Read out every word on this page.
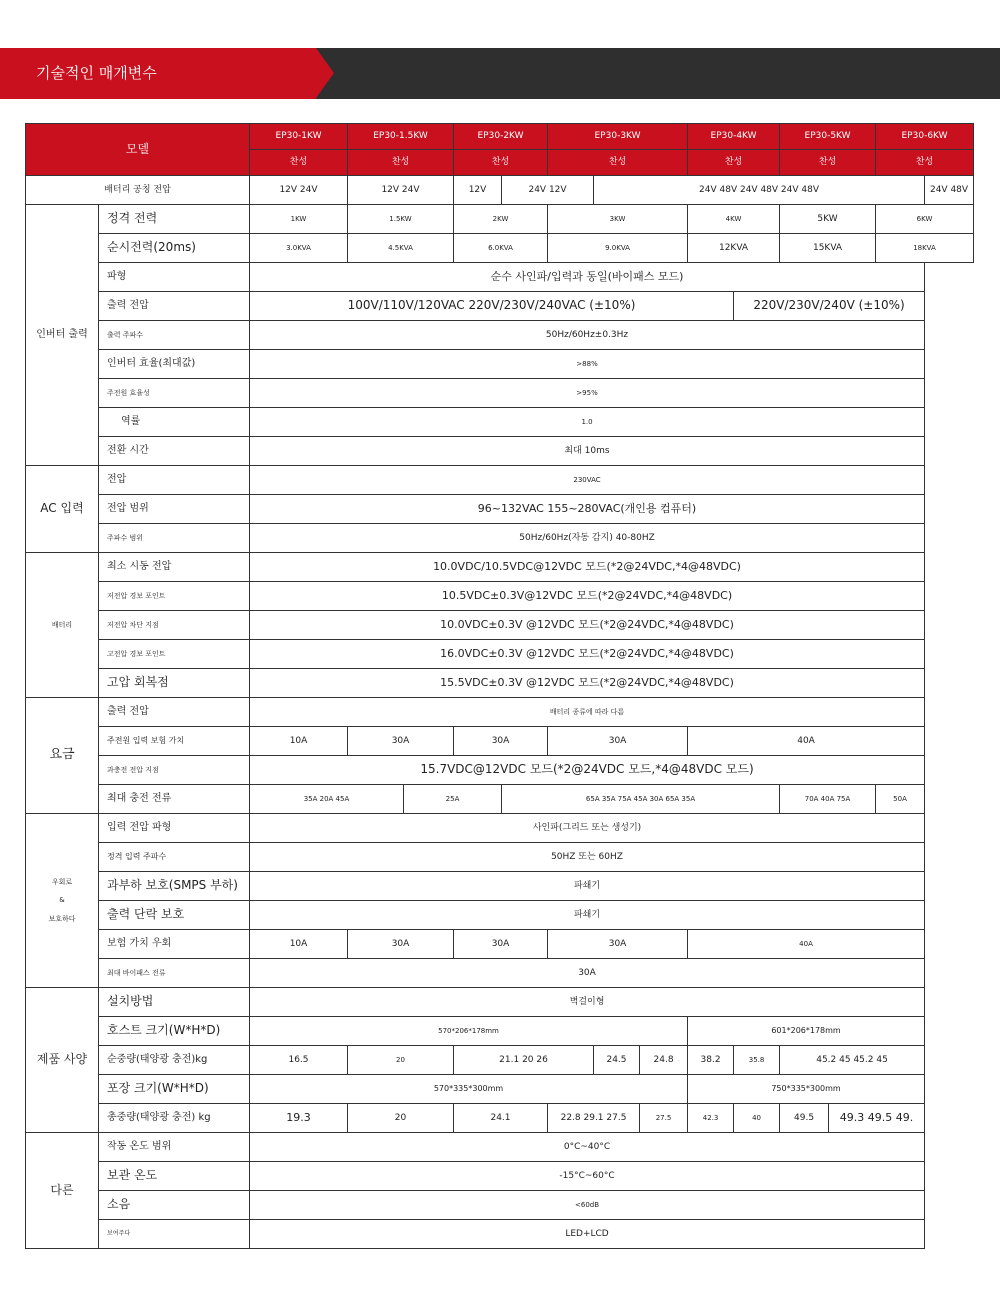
기술적인 매개변수
모델		EP30-1KW	EP30-1.5KW		EP30-2KW		EP30-3KW			EP30-4KW		EP30-5KW		EP30-6KW	
		찬성	찬성		찬성		찬성			찬성		찬성		찬성	
배터리 공칭 전압		12V 24V	12V 24V		12V	24V 12V		24V 48V 24V 48V 24V 48V							24V 48V
인버터 출력	정격 전력	1KW	1.5KW		2KW		3KW			4KW		5KW		6KW	
	순시전력(20ms)	3.0KVA	4.5KVA		6.0KVA		9.0KVA			12KVA		15KVA		18KVA	
	파형	순수 사인파/입력과 동일(바이패스 모드)													
	출력 전압	100V/110V/120VAC 220V/230V/240VAC (±10%)									220V/230V/240V (±10%)				
	출력 주파수	50Hz/60Hz±0.3Hz													
	인버터 효율(최대값)	>88%													
	주전원 효율성	>95%													
	역률	1.0													
	전환 시간	최대 10ms													
AC 입력	전압	230VAC													
	전압 범위	96~132VAC 155~280VAC(개인용 컴퓨터)													
	주파수 범위	50Hz/60Hz(자동 감지) 40-80HZ													
배터리	최소 시동 전압	10.0VDC/10.5VDC@12VDC 모드(*2@24VDC,*4@48VDC)													
	저전압 경보 포인트	10.5VDC±0.3V@12VDC 모드(*2@24VDC,*4@48VDC)													
	저전압 차단 지점	10.0VDC±0.3V @12VDC 모드(*2@24VDC,*4@48VDC)													
	고전압 경보 포인트	16.0VDC±0.3V @12VDC 모드(*2@24VDC,*4@48VDC)													
	고압 회복점	15.5VDC±0.3V @12VDC 모드(*2@24VDC,*4@48VDC)													
요금	출력 전압	배터리 종류에 따라 다름													
	주전원 입력 보험 가치	10A	30A		30A		30A			40A					
	과충전 전압 지점	15.7VDC@12VDC 모드(*2@24VDC 모드,*4@48VDC 모드)													
	최대 충전 전류	35A 20A 45A		25A		65A 35A 75A 45A 30A 65A 35A						70A 40A 75A		50A	

우회로
&
보호하다	입력 전압 파형	사인파(그리드 또는 생성기)													
	정격 입력 주파수	50HZ 또는 60HZ													
	과부하 보호(SMPS 부하)	파쇄기													
	출력 단락 보호	파쇄기													
	보험 가치 우회	10A	30A		30A		30A			40A					
	최대 바이패스 전류	30A													
제품 사양	설치방법	벽걸이형													
	호스트 크기(W*H*D)	570*206*178mm								601*206*178mm					
	순중량(태양광 충전)kg	16.5	20		21.1 20 26			24.5	24.8	38.2	35.8	45.2 45 45.2 45			
	포장 크기(W*H*D)	570*335*300mm								750*335*300mm					
	총중량(태양광 충전) kg	19.3	20		24.1		22.8 29.1 27.5		27.5	42.3	40	49.5	49.3 49.5 49.		
다른	작동 온도 범위	0°C~40°C													
	보관 온도	-15°C~60°C													
	소음	<60dB													
	보여주다	LED+LCD													
